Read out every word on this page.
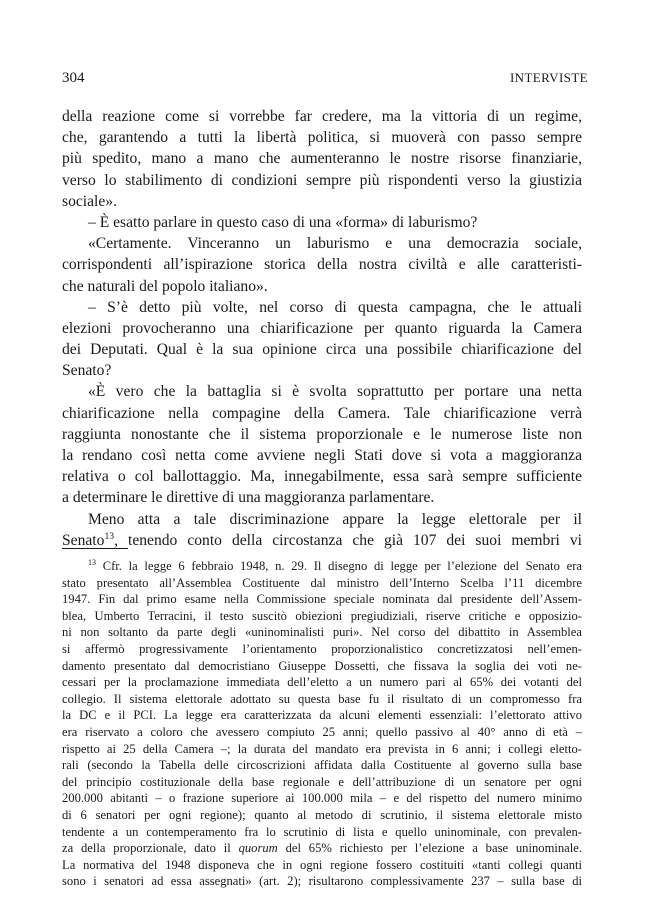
304	INTERVISTE
della reazione come si vorrebbe far credere, ma la vittoria di un regime,
che, garantendo a tutti la libertà politica, si muoverà con passo sempre
più spedito, mano a mano che aumenteranno le nostre risorse finanziarie,
verso lo stabilimento di condizioni sempre più rispondenti verso la giustizia
sociale».
– È esatto parlare in questo caso di una «forma» di laburismo?
«Certamente. Vinceranno un laburismo e una democrazia sociale,
corrispondenti all’ispirazione storica della nostra civiltà e alle caratteristi-
che naturali del popolo italiano».
– S’è detto più volte, nel corso di questa campagna, che le attuali
elezioni provocheranno una chiarificazione per quanto riguarda la Camera
dei Deputati. Qual è la sua opinione circa una possibile chiarificazione del
Senato?
«È vero che la battaglia si è svolta soprattutto per portare una netta
chiarificazione nella compagine della Camera. Tale chiarificazione verrà
raggiunta nonostante che il sistema proporzionale e le numerose liste non
la rendano così netta come avviene negli Stati dove si vota a maggioranza
relativa o col ballottaggio. Ma, innegabilmente, essa sarà sempre sufficiente
a determinare le direttive di una maggioranza parlamentare.
Meno atta a tale discriminazione appare la legge elettorale per il
Senato$^{13}$, tenendo conto della circostanza che già 107 dei suoi membri vi
$^{13}$ Cfr. la legge 6 febbraio 1948, n. 29. Il disegno di legge per l’elezione del Senato era
stato presentato all’Assemblea Costituente dal ministro dell’Interno Scelba l’11 dicembre
1947. Fin dal primo esame nella Commissione speciale nominata dal presidente dell’Assem-
blea, Umberto Terracini, il testo suscitò obiezioni pregiudiziali, riserve critiche e opposizio-
ni non soltanto da parte degli «uninominalisti puri». Nel corso del dibattito in Assemblea
si affermò progressivamente l’orientamento proporzionalistico concretizzatosi nell’emen-
damento presentato dal democristiano Giuseppe Dossetti, che fissava la soglia dei voti ne-
cessari per la proclamazione immediata dell’eletto a un numero pari al 65% dei votanti del
collegio. Il sistema elettorale adottato su questa base fu il risultato di un compromesso fra
la DC e il PCI. La legge era caratterizzata da alcuni elementi essenziali: l’elettorato attivo
era riservato a coloro che avessero compiuto 25 anni; quello passivo al 40° anno di età –
rispetto ai 25 della Camera –; la durata del mandato era prevista in 6 anni; i collegi eletto-
rali (secondo la Tabella delle circoscrizioni affidata dalla Costituente al governo sulla base
del principio costituzionale della base regionale e dell’attribuzione di un senatore per ogni
200.000 abitanti – o frazione superiore ai 100.000 mila – e del rispetto del numero minimo
di 6 senatori per ogni regione); quanto al metodo di scrutinio, il sistema elettorale misto
tendente a un contemperamento fra lo scrutinio di lista e quello uninominale, con prevalen-
za della proporzionale, dato il quorum del 65% richiesto per l’elezione a base uninominale.
La normativa del 1948 disponeva che in ogni regione fossero costituiti «tanti collegi quanti
sono i senatori ad essa assegnati» (art. 2); risultarono complessivamente 237 – sulla base di
